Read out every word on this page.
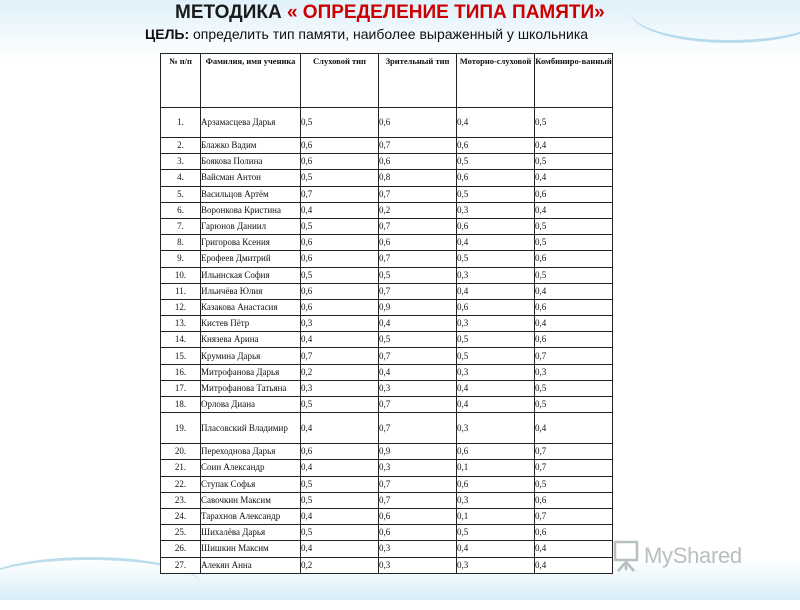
МЕТОДИКА « ОПРЕДЕЛЕНИЕ ТИПА ПАМЯТИ»
ЦЕЛЬ: определить тип памяти, наиболее выраженный у школьника
№ п/п	Фамилия, имя ученика	Слуховой тип	Зрительный тип	Моторно-слуховой	Комбиниро-ванный
1.	Арзамасцева Дарья	0,5	0,6	0,4	0,5
2.	Блажко Вадим	0,6	0,7	0,6	0,4
3.	Боякова Полина	0,6	0,6	0,5	0,5
4.	Вайсман Антон	0,5	0,8	0,6	0,4
5.	Васильцов Артём	0,7	0,7	0,5	0,6
6.	Воронкова Кристина	0,4	0,2	0,3	0,4
7.	Гарюнов Даниил	0,5	0,7	0,6	0,5
8.	Григорова Ксения	0,6	0,6	0,4	0,5
9.	Ерофеев Дмитрий	0,6	0,7	0,5	0,6
10.	Ильинская София	0,5	0,5	0,3	0,5
11.	Ильичёва Юлия	0,6	0,7	0,4	0,4
12.	Казакова Анастасия	0,6	0,9	0,6	0,6
13.	Кистев Пётр	0,3	0,4	0,3	0,4
14.	Князева Арина	0,4	0,5	0,5	0,6
15.	Крумина Дарья	0,7	0,7	0,5	0,7
16.	Митрофанова Дарья	0,2	0,4	0,3	0,3
17.	Митрофанова Татьяна	0,3	0,3	0,4	0,5
18.	Орлова Диана	0,5	0,7	0,4	0,5
19.	Пласовский Владимир	0,4	0,7	0,3	0,4
20.	Переходнова Дарья	0,6	0,9	0,6	0,7
21.	Соин Александр	0,4	0,3	0,1	0,7
22.	Ступак Софья	0,5	0,7	0,6	0,5
23.	Савочкин Максим	0,5	0,7	0,3	0,6
24.	Тарахнов Александр	0,4	0,6	0,1	0,7
25.	Шихалёва Дарья	0,5	0,6	0,5	0,6
26.	Шишкин Максим	0,4	0,3	0,4	0,4
27.	Алекян Анна	0,2	0,3	0,3	0,4	MyShared
